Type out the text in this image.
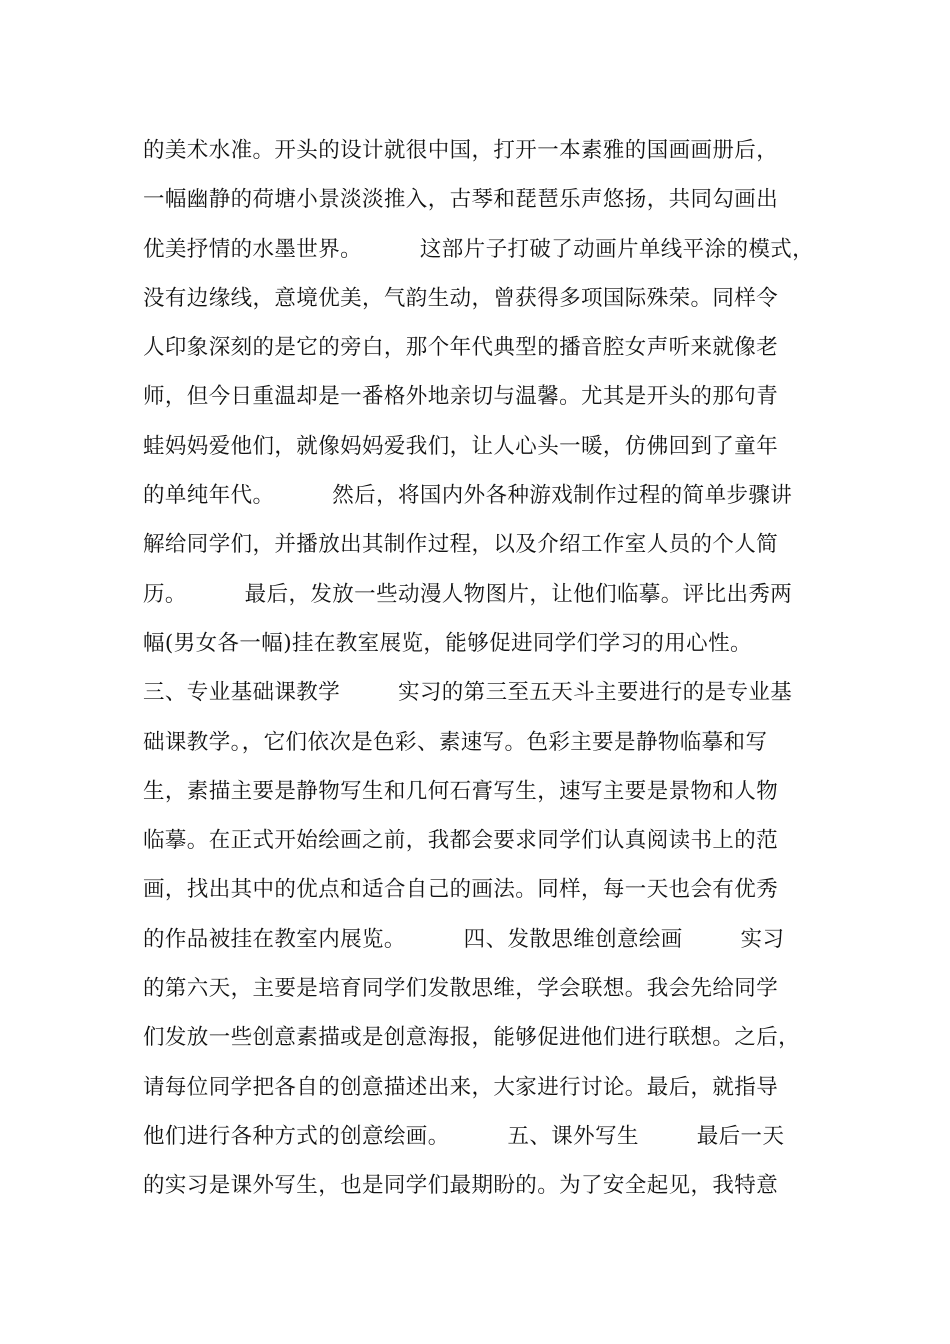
的美术水准。开头的设计就很中国，打开一本素雅的国画画册后，
一幅幽静的荷塘小景淡淡推入，古琴和琵琶乐声悠扬，共同勾画出
优美抒情的水墨世界。        这部片子打破了动画片单线平涂的模式，
没有边缘线，意境优美，气韵生动，曾获得多项国际殊荣。同样令
人印象深刻的是它的旁白，那个年代典型的播音腔女声听来就像老
师，但今日重温却是一番格外地亲切与温馨。尤其是开头的那句青
蛙妈妈爱他们，就像妈妈爱我们，让人心头一暖，仿佛回到了童年
的单纯年代。        然后，将国内外各种游戏制作过程的简单步骤讲
解给同学们，并播放出其制作过程，以及介绍工作室人员的个人简
历。        最后，发放一些动漫人物图片，让他们临摹。评比出秀两
幅(男女各一幅)挂在教室展览，能够促进同学们学习的用心性。
三、专业基础课教学        实习的第三至五天斗主要进行的是专业基
础课教学。，它们依次是色彩、素速写。色彩主要是静物临摹和写
生，素描主要是静物写生和几何石膏写生，速写主要是景物和人物
临摹。在正式开始绘画之前，我都会要求同学们认真阅读书上的范
画，找出其中的优点和适合自己的画法。同样，每一天也会有优秀
的作品被挂在教室内展览。        四、发散思维创意绘画        实习
的第六天，主要是培育同学们发散思维，学会联想。我会先给同学
们发放一些创意素描或是创意海报，能够促进他们进行联想。之后，
请每位同学把各自的创意描述出来，大家进行讨论。最后，就指导
他们进行各种方式的创意绘画。        五、课外写生        最后一天
的实习是课外写生，也是同学们最期盼的。为了安全起见，我特意
